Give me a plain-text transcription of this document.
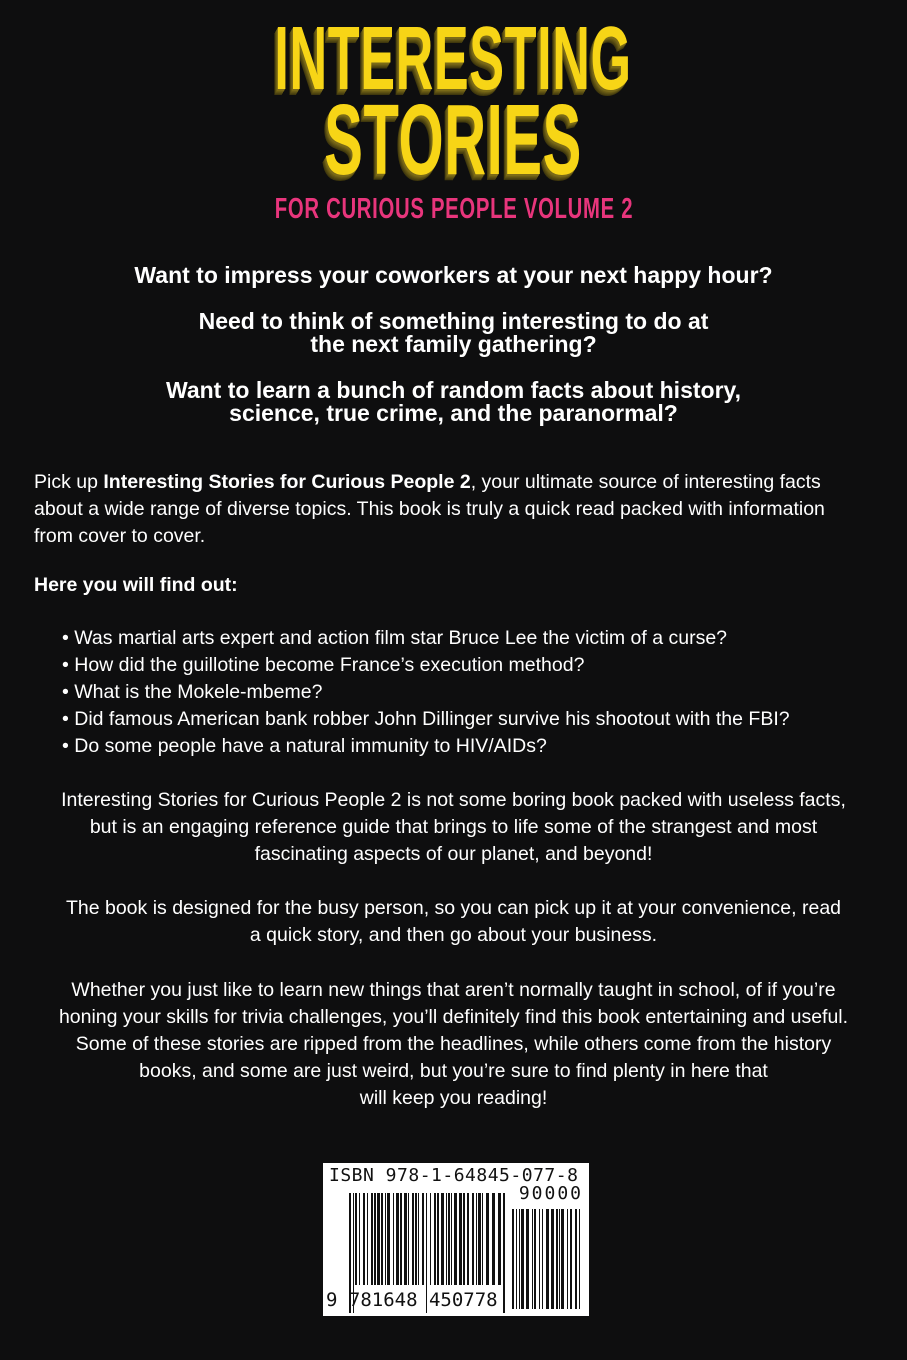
INTERESTING
STORIES
FOR CURIOUS PEOPLE VOLUME 2
Want to impress your coworkers at your next happy hour?
Need to think of something interesting to do at
the next family gathering?
Want to learn a bunch of random facts about history,
science, true crime, and the paranormal?
Pick up Interesting Stories for Curious People 2, your ultimate source of interesting facts
about a wide range of diverse topics. This book is truly a quick read packed with information
from cover to cover.
Here you will find out:
• Was martial arts expert and action film star Bruce Lee the victim of a curse?
• How did the guillotine become France’s execution method?
• What is the Mokele-mbeme?
• Did famous American bank robber John Dillinger survive his shootout with the FBI?
• Do some people have a natural immunity to HIV/AIDs?
Interesting Stories for Curious People 2 is not some boring book packed with useless facts,
but is an engaging reference guide that brings to life some of the strangest and most
fascinating aspects of our planet, and beyond!
The book is designed for the busy person, so you can pick up it at your convenience, read
a quick story, and then go about your business.
Whether you just like to learn new things that aren’t normally taught in school, of if you’re
honing your skills for trivia challenges, you’ll definitely find this book entertaining and useful.
Some of these stories are ripped from the headlines, while others come from the history
books, and some are just weird, but you’re sure to find plenty in here that
will keep you reading!
ISBN 978-1-64845-077-8
90000
9 781648 450778
